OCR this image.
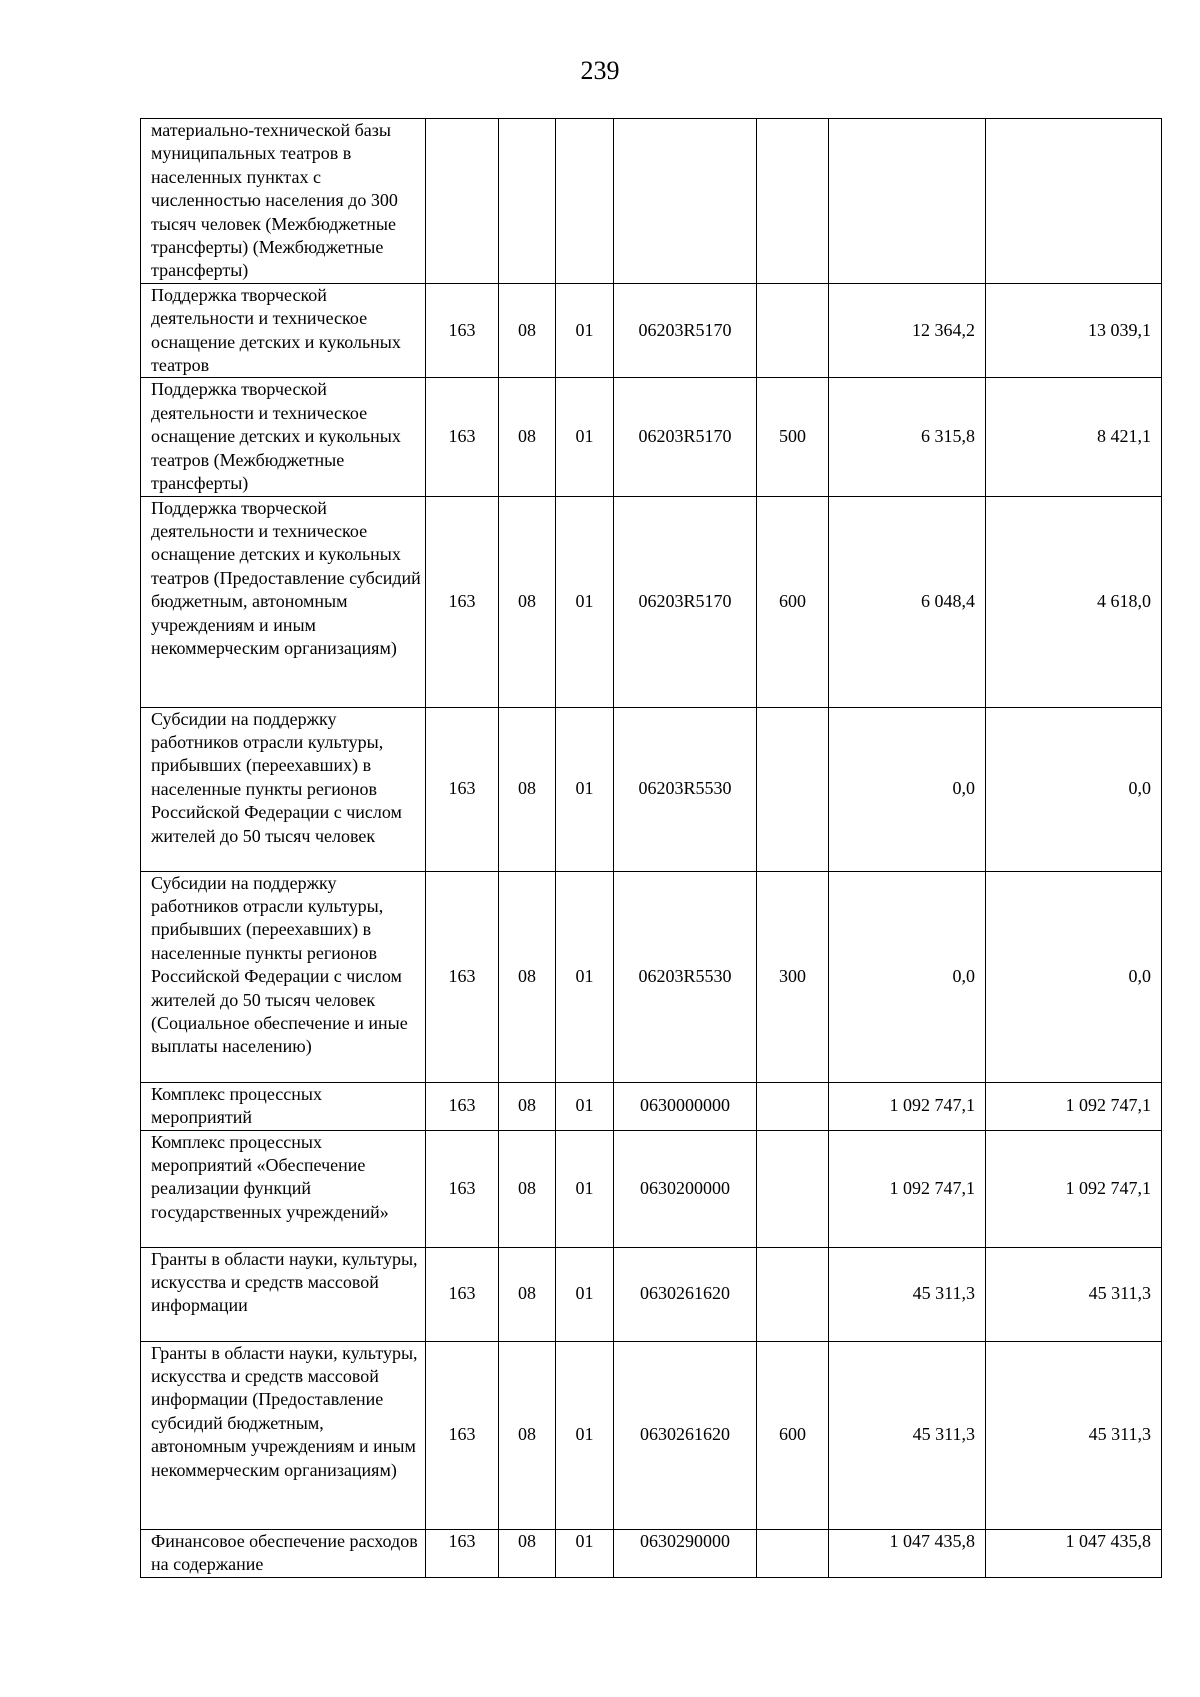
239
материально-технической базы муниципальных театров в населенных пунктах с численностью населения до 300 тысяч человек (Межбюджетные трансферты) (Межбюджетные трансферты)							
Поддержка творческой деятельности и техническое оснащение детских и кукольных театров	163	08	01	06203R5170		12 364,2	13 039,1
Поддержка творческой деятельности и техническое оснащение детских и кукольных театров (Межбюджетные трансферты)	163	08	01	06203R5170	500	6 315,8	8 421,1
Поддержка творческой деятельности и техническое оснащение детских и кукольных театров (Предоставление субсидий бюджетным, автономным учреждениям и иным некоммерческим организациям)	163	08	01	06203R5170	600	6 048,4	4 618,0
Субсидии на поддержку работников отрасли культуры, прибывших (переехавших) в населенные пункты регионов Российской Федерации с числом жителей до 50 тысяч человек	163	08	01	06203R5530		0,0	0,0
Субсидии на поддержку работников отрасли культуры, прибывших (переехавших) в населенные пункты регионов Российской Федерации с числом жителей до 50 тысяч человек (Социальное обеспечение и иные выплаты населению)	163	08	01	06203R5530	300	0,0	0,0
Комплекс процессных мероприятий	163	08	01	0630000000		1 092 747,1	1 092 747,1
Комплекс процессных мероприятий «Обеспечение реализации функций государственных учреждений»	163	08	01	0630200000		1 092 747,1	1 092 747,1
Гранты в области науки, культуры, искусства и средств массовой информации	163	08	01	0630261620		45 311,3	45 311,3
Гранты в области науки, культуры, искусства и средств массовой информации (Предоставление субсидий бюджетным, автономным учреждениям и иным некоммерческим организациям)	163	08	01	0630261620	600	45 311,3	45 311,3
Финансовое обеспечение расходов на содержание	163	08	01	0630290000		1 047 435,8	1 047 435,8
